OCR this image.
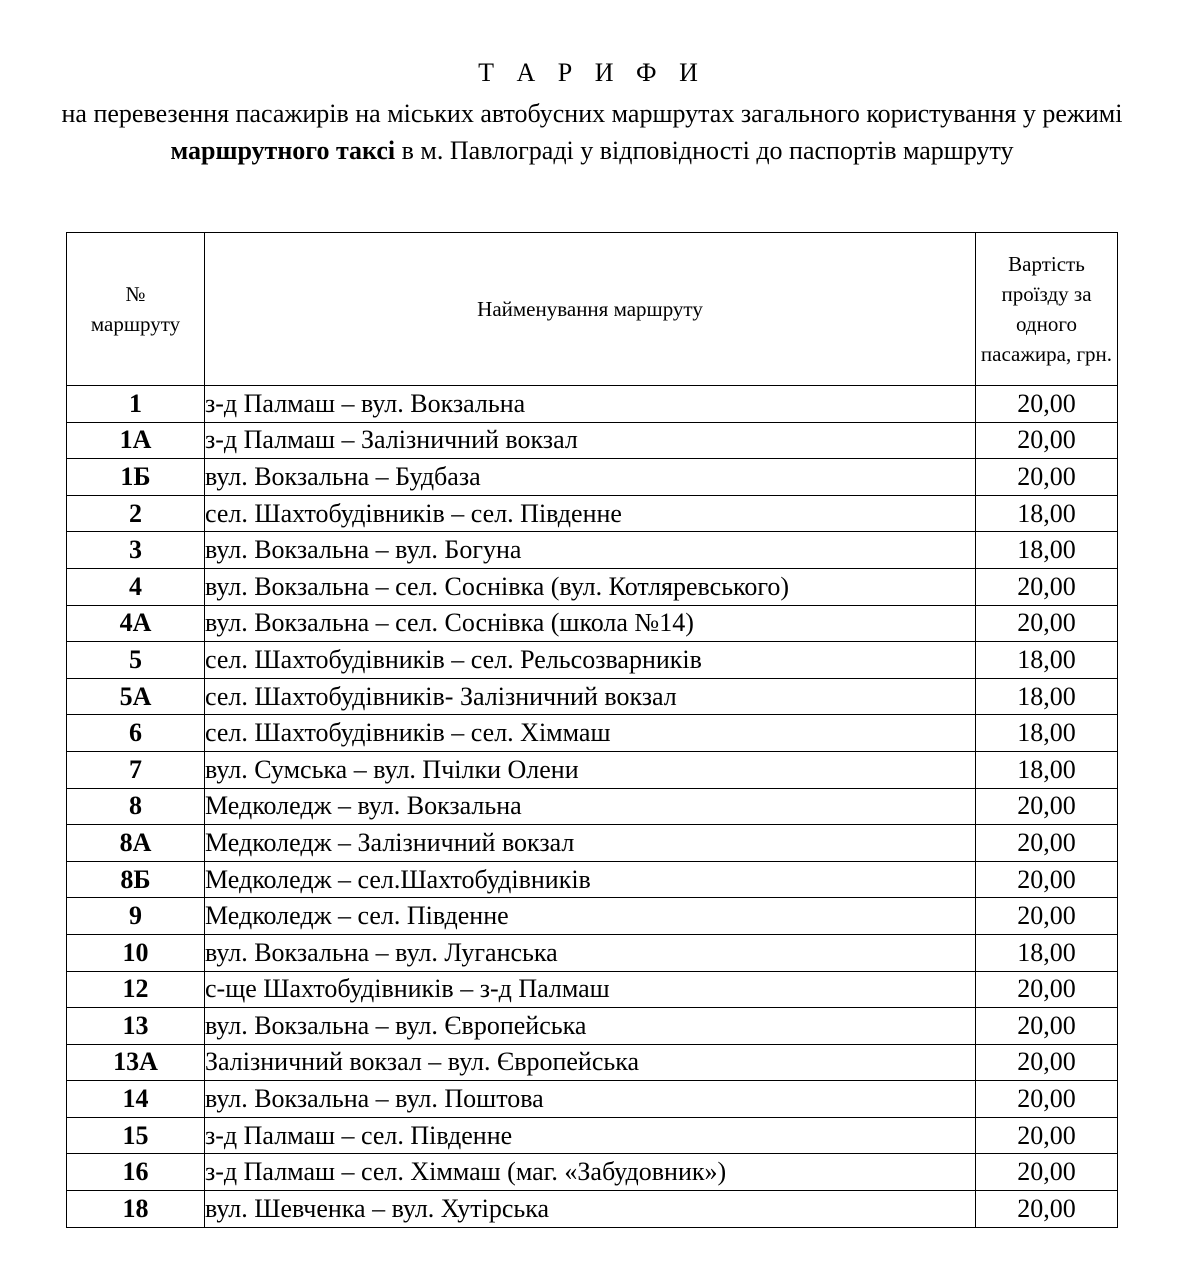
Т А Р И Ф И
на перевезення пасажирів на міських автобусних маршрутах загального користування у режимі маршрутного таксі в м. Павлограді у відповідності до паспортів маршруту
№
маршруту	Найменування маршруту	Вартість проїзду за одного пасажира, грн.
1	з-д Палмаш – вул. Вокзальна	20,00
1А	з-д Палмаш – Залізничний вокзал	20,00
1Б	вул. Вокзальна – Будбаза	20,00
2	сел. Шахтобудівників – сел. Південне	18,00
3	вул. Вокзальна – вул. Богуна	18,00
4	вул. Вокзальна – сел. Соснівка (вул. Котляревського)	20,00
4А	вул. Вокзальна – сел. Соснівка (школа №14)	20,00
5	сел. Шахтобудівників – сел. Рельсозварників	18,00
5А	сел. Шахтобудівників- Залізничний вокзал	18,00
6	сел. Шахтобудівників – сел. Хіммаш	18,00
7	вул. Сумська – вул. Пчілки Олени	18,00
8	Медколедж – вул. Вокзальна	20,00
8А	Медколедж – Залізничний вокзал	20,00
8Б	Медколедж – сел.Шахтобудівників	20,00
9	Медколедж – сел. Південне	20,00
10	вул. Вокзальна – вул. Луганська	18,00
12	с-ще Шахтобудівників – з-д Палмаш	20,00
13	вул. Вокзальна – вул. Європейська	20,00
13А	Залізничний вокзал – вул. Європейська	20,00
14	вул. Вокзальна – вул. Поштова	20,00
15	з-д Палмаш – сел. Південне	20,00
16	з-д Палмаш – сел. Хіммаш (маг. «Забудовник»)	20,00
18	вул. Шевченка – вул. Хутірська	20,00
